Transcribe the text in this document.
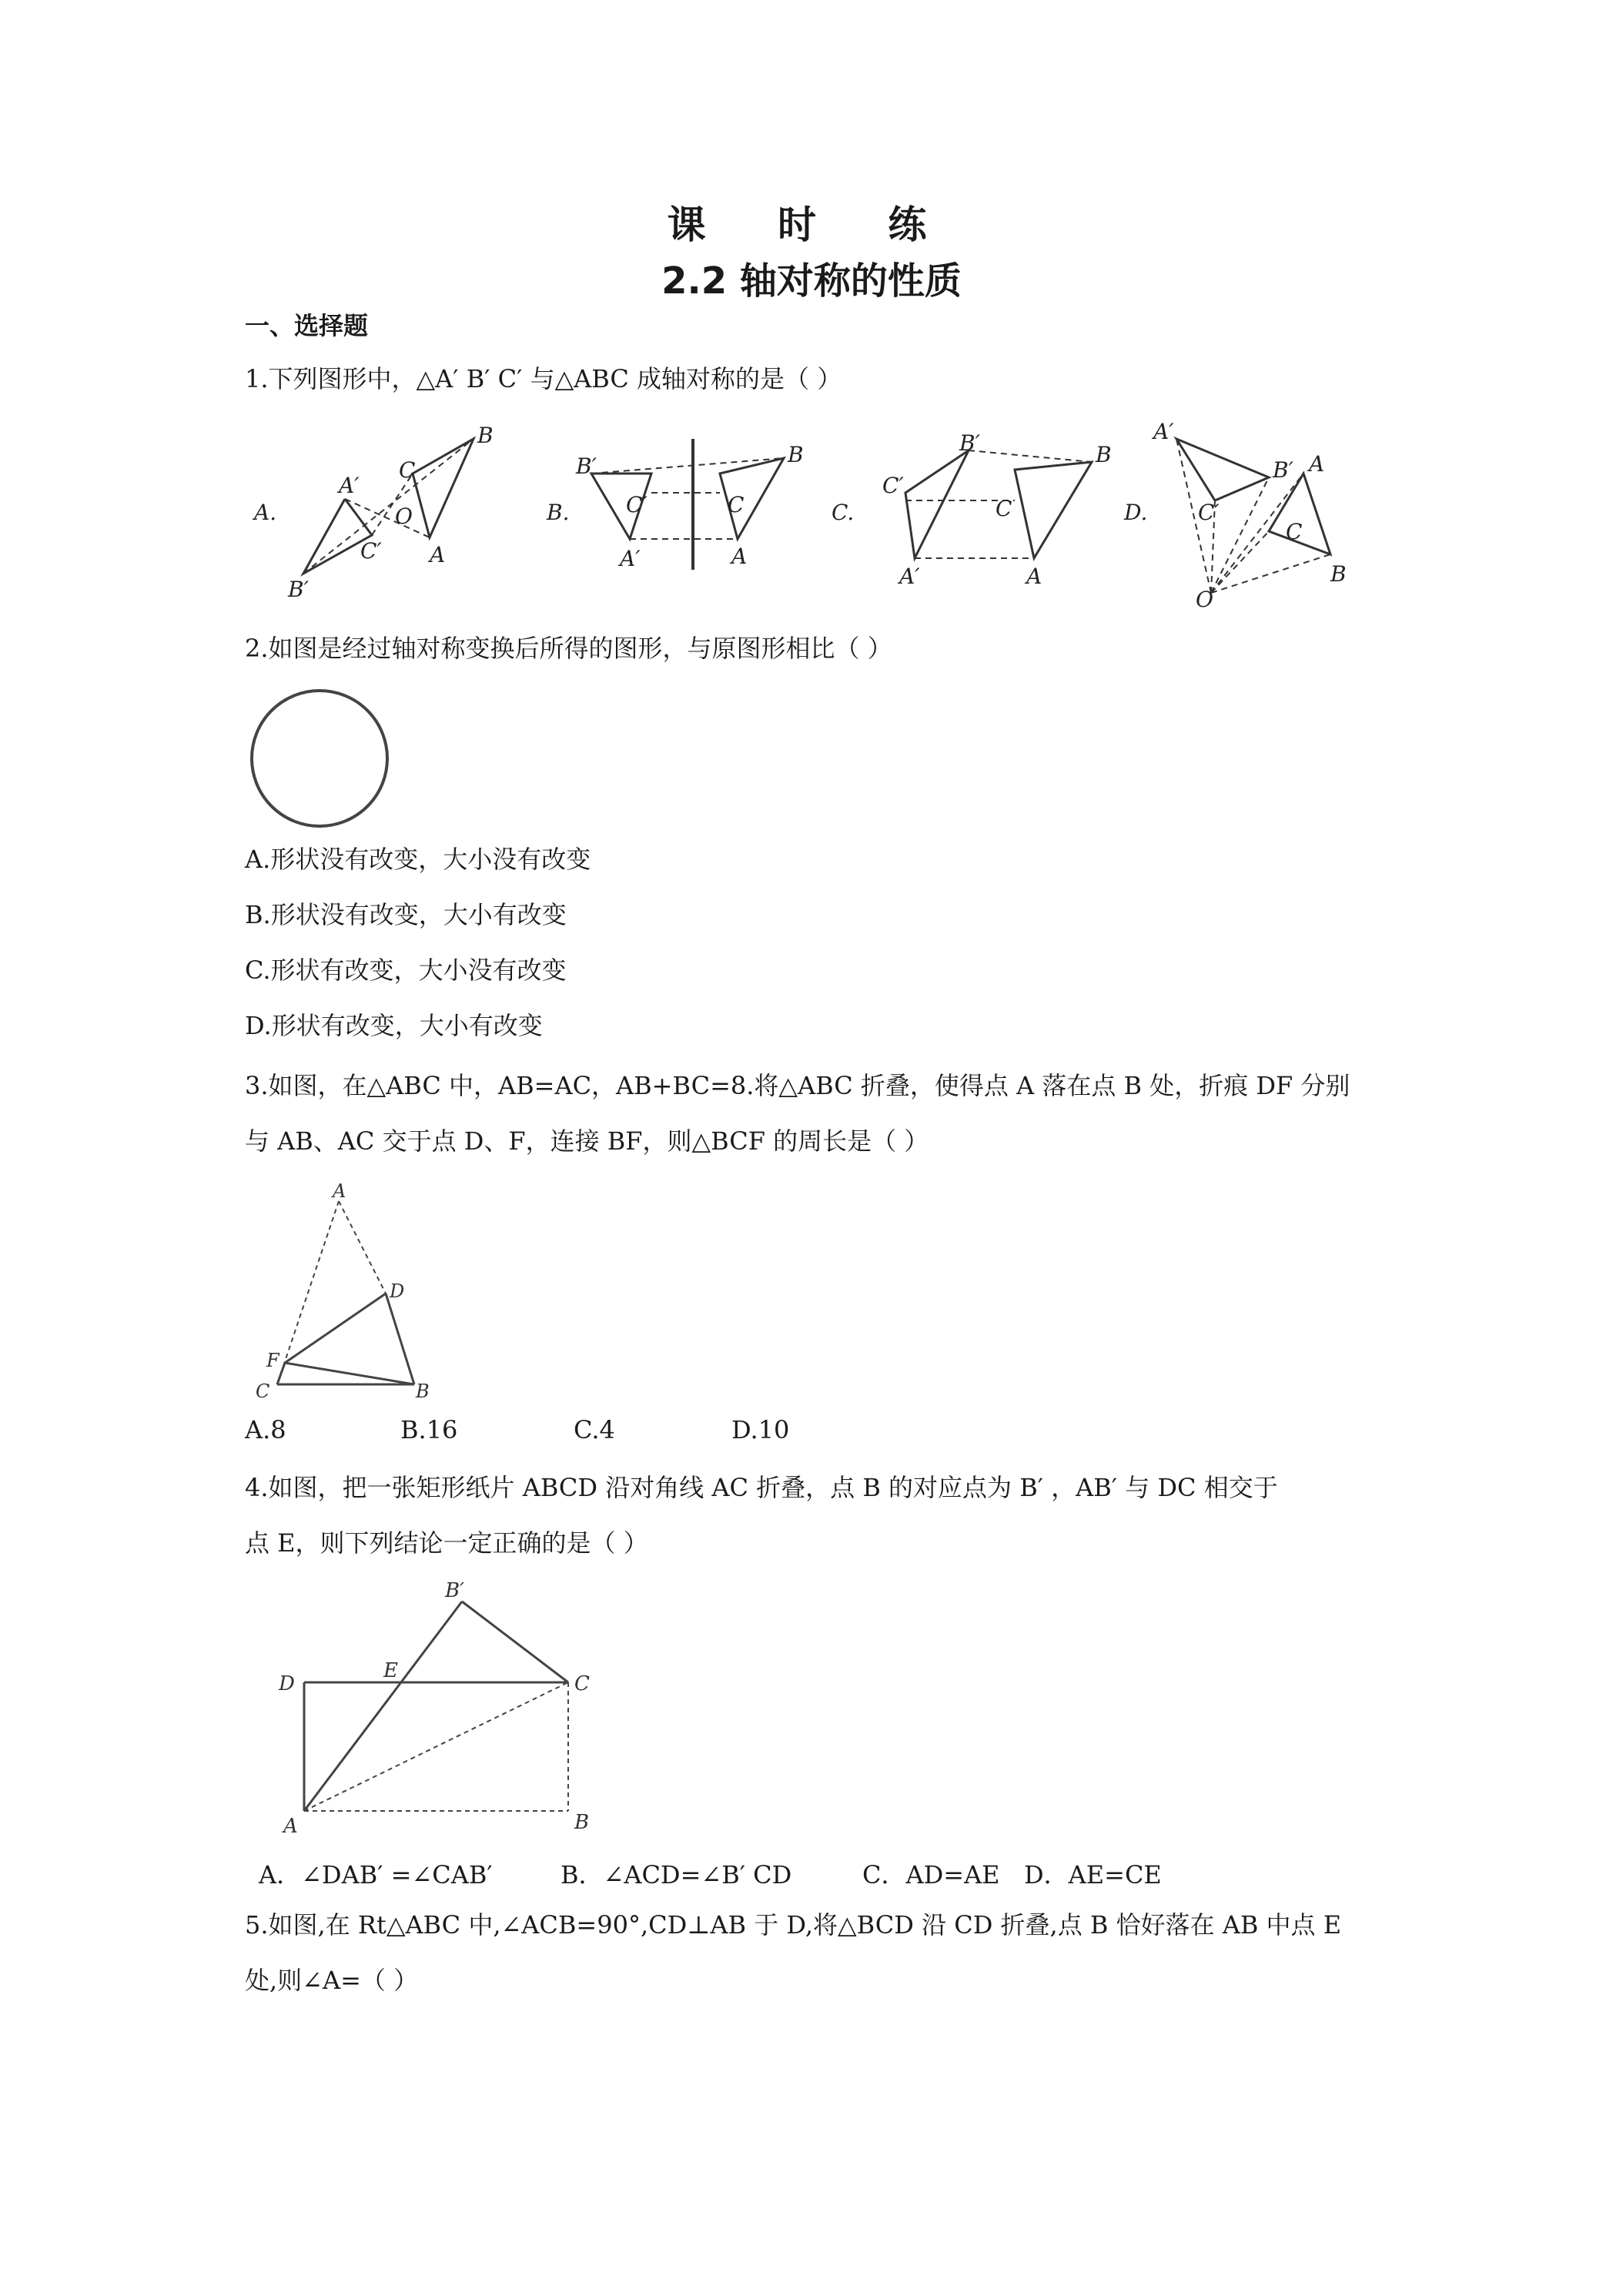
课 时 练
2.2 轴对称的性质
一、选择题
1.下列图形中，△A′ B′ C′ 与△ABC 成轴对称的是（ ）
A.	B.	C.	D.
A′
C′
B′
O
C
B
A
B′
C′
A′
C
B
A
C′
B′
A′
C
B
A
A′
B′
C′
A
C
B
O
2.如图是经过轴对称变换后所得的图形，与原图形相比（ ）
A.形状没有改变，大小没有改变
B.形状没有改变，大小有改变
C.形状有改变，大小没有改变
D.形状有改变，大小有改变
3.如图，在△ABC 中，AB=AC，AB+BC=8.将△ABC 折叠，使得点 A 落在点 B 处，折痕 DF 分别
与 AB、AC 交于点 D、F，连接 BF，则△BCF 的周长是（ ）
A
D
F
C	B
A.8	B.16	C.4	D.10
4.如图，把一张矩形纸片 ABCD 沿对角线 AC 折叠，点 B 的对应点为 B′ ，AB′ 与 DC 相交于
点 E，则下列结论一定正确的是（ ）
B′
D
E
C
A	B
A．∠DAB′ =∠CAB′	B．∠ACD=∠B′ CD	C．AD=AE D．AE=CE
5.如图,在 Rt△ABC 中,∠ACB=90°,CD⊥AB 于 D,将△BCD 沿 CD 折叠,点 B 恰好落在 AB 中点 E
处,则∠A=（ ）
